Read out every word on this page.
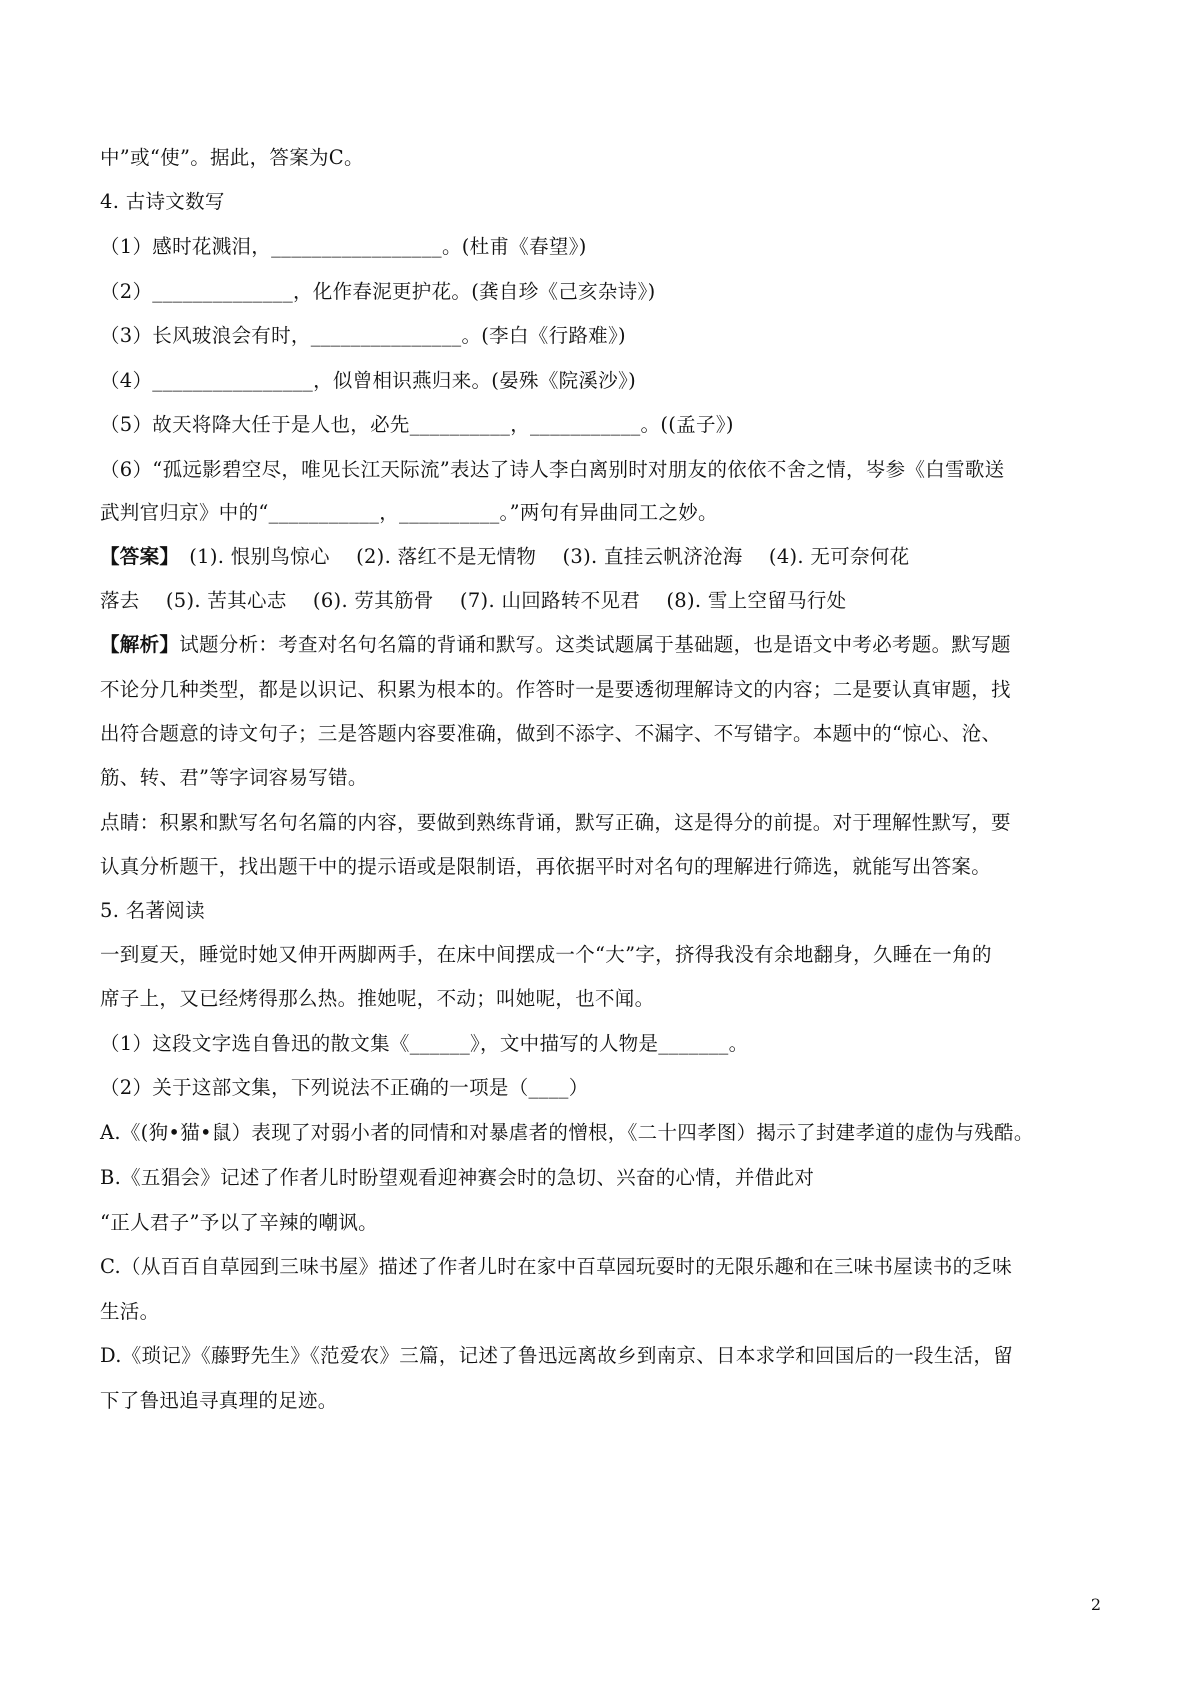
中”或“使”。据此，答案为C。
4. 古诗文数写
（1）感时花溅泪，_________________。(杜甫《春望》)
（2）______________，化作春泥更护花。(龚自珍《己亥杂诗》)
（3）长风玻浪会有时，_______________。(李白《行路难》)
（4）________________，似曾相识燕归来。(晏殊《院溪沙》)
（5）故天将降大任于是人也，必先__________，___________。((孟子》)
（6）“孤远影碧空尽，唯见长江天际流”表达了诗人李白离别时对朋友的依依不舍之情，岑参《白雪歌送
武判官归京》中的“___________，__________。”两句有异曲同工之妙。
【答案】　(1). 恨别鸟惊心　 (2). 落红不是无情物　 (3). 直挂云帆济沧海　 (4). 无可奈何花
落去　 (5). 苦其心志　 (6). 劳其筋骨　 (7). 山回路转不见君　 (8). 雪上空留马行处
【解析】试题分析：考查对名句名篇的背诵和默写。这类试题属于基础题，也是语文中考必考题。默写题
不论分几种类型，都是以识记、积累为根本的。作答时一是要透彻理解诗文的内容；二是要认真审题，找
出符合题意的诗文句子；三是答题内容要准确，做到不添字、不漏字、不写错字。本题中的“惊心、沧、
筋、转、君”等字词容易写错。
点睛：积累和默写名句名篇的内容，要做到熟练背诵，默写正确，这是得分的前提。对于理解性默写，要
认真分析题干，找出题干中的提示语或是限制语，再依据平时对名句的理解进行筛选，就能写出答案。
5. 名著阅读
一到夏天，睡觉时她又伸开两脚两手，在床中间摆成一个“大”字，挤得我没有余地翻身，久睡在一角的
席子上，又已经烤得那么热。推她呢，不动；叫她呢，也不闻。
（1）这段文字选自鲁迅的散文集《______》，文中描写的人物是_______。
（2）关于这部文集，下列说法不正确的一项是（____）
A.《(狗•猫•鼠）表现了对弱小者的同情和对暴虐者的憎根，《二十四孝图）揭示了封建孝道的虚伪与残酷。
B.《五猖会》记述了作者儿时盼望观看迎神赛会时的急切、兴奋的心情，并借此对
“正人君子”予以了辛辣的嘲讽。
C.（从百百自草园到三味书屋》描述了作者儿时在家中百草园玩耍时的无限乐趣和在三味书屋读书的乏味
生活。
D.《琐记》《藤野先生》《范爱农》三篇，记述了鲁迅远离故乡到南京、日本求学和回国后的一段生活，留
下了鲁迅追寻真理的足迹。
2
